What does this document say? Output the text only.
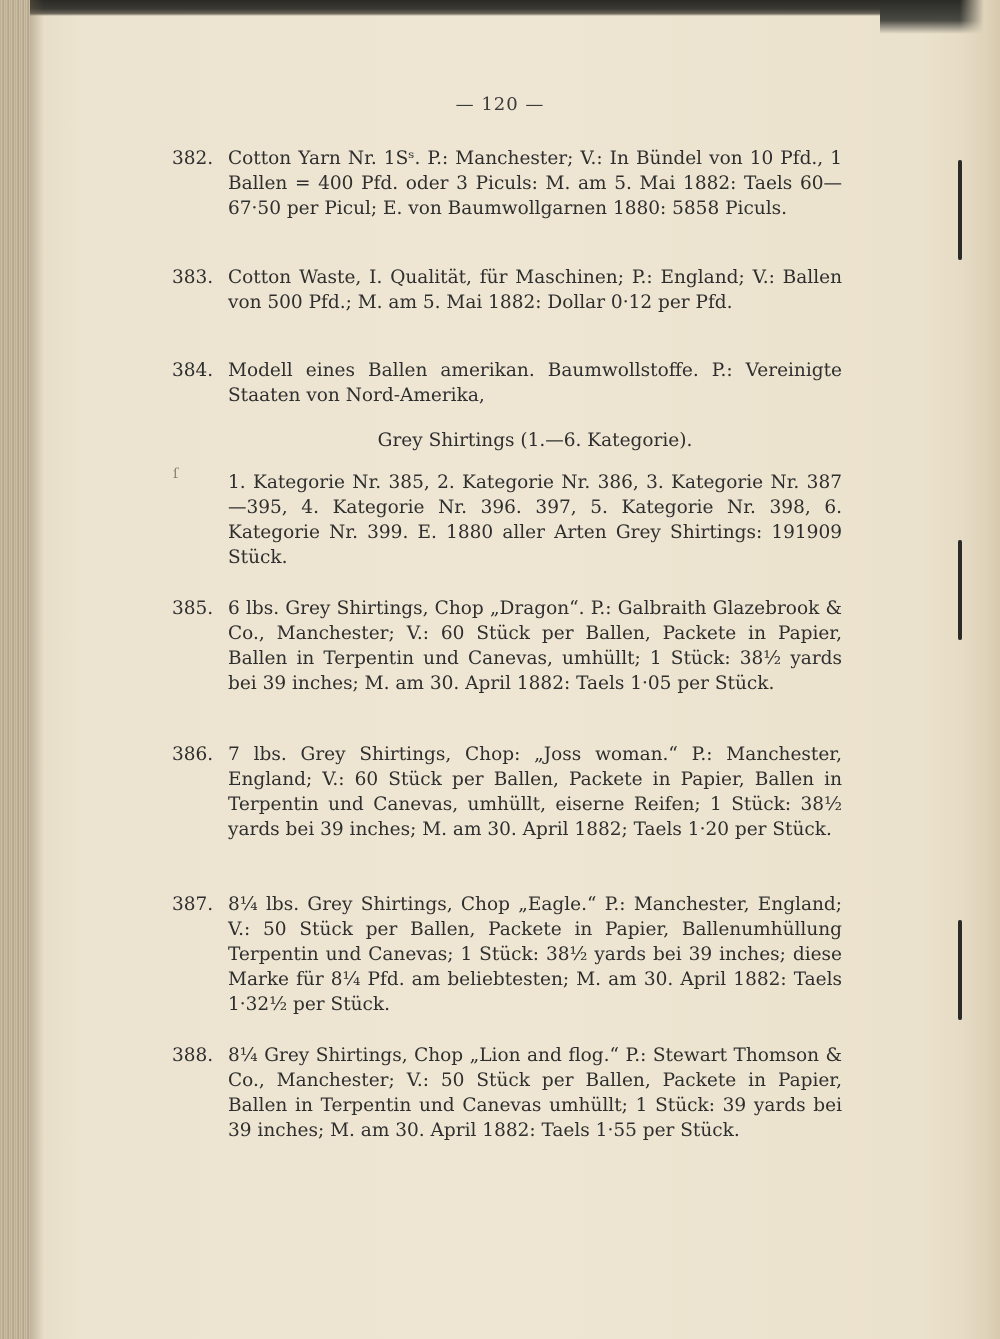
— 120 —
382. Cotton Yarn Nr. 1Sˢ. P.: Manchester; V.: In Bündel von 10 Pfd., 1 Ballen = 400 Pfd. oder 3 Piculs: M. am 5. Mai 1882: Taels 60—67·50 per Picul; E. von Baumwollgarnen 1880: 5858 Piculs.
383. Cotton Waste, I. Qualität, für Maschinen; P.: England; V.: Ballen von 500 Pfd.; M. am 5. Mai 1882: Dollar 0·12 per Pfd.
384. Modell eines Ballen amerikan. Baumwollstoffe. P.: Vereinigte Staaten von Nord-Amerika,
Grey Shirtings (1.—6. Kategorie).
ſ	1. Kategorie Nr. 385, 2. Kategorie Nr. 386, 3. Kategorie Nr. 387—395, 4. Kategorie Nr. 396. 397, 5. Kategorie Nr. 398, 6. Kategorie Nr. 399. E. 1880 aller Arten Grey Shirtings: 191909 Stück.
385. 6 lbs. Grey Shirtings, Chop „Dragon“. P.: Galbraith Glazebrook & Co., Manchester; V.: 60 Stück per Ballen, Packete in Papier, Ballen in Terpentin und Canevas, umhüllt; 1 Stück: 38½ yards bei 39 inches; M. am 30. April 1882: Taels 1·05 per Stück.
386. 7 lbs. Grey Shirtings, Chop: „Joss woman.“ P.: Manchester, England; V.: 60 Stück per Ballen, Packete in Papier, Ballen in Terpentin und Canevas, umhüllt, eiserne Reifen; 1 Stück: 38½ yards bei 39 inches; M. am 30. April 1882; Taels 1·20 per Stück.
387. 8¼ lbs. Grey Shirtings, Chop „Eagle.“ P.: Manchester, England; V.: 50 Stück per Ballen, Packete in Papier, Ballenumhüllung Terpentin und Canevas; 1 Stück: 38½ yards bei 39 inches; diese Marke für 8¼ Pfd. am beliebtesten; M. am 30. April 1882: Taels 1·32½ per Stück.
388. 8¼ Grey Shirtings, Chop „Lion and flog.“ P.: Stewart Thomson & Co., Manchester; V.: 50 Stück per Ballen, Packete in Papier, Ballen in Terpentin und Canevas umhüllt; 1 Stück: 39 yards bei 39 inches; M. am 30. April 1882: Taels 1·55 per Stück.
